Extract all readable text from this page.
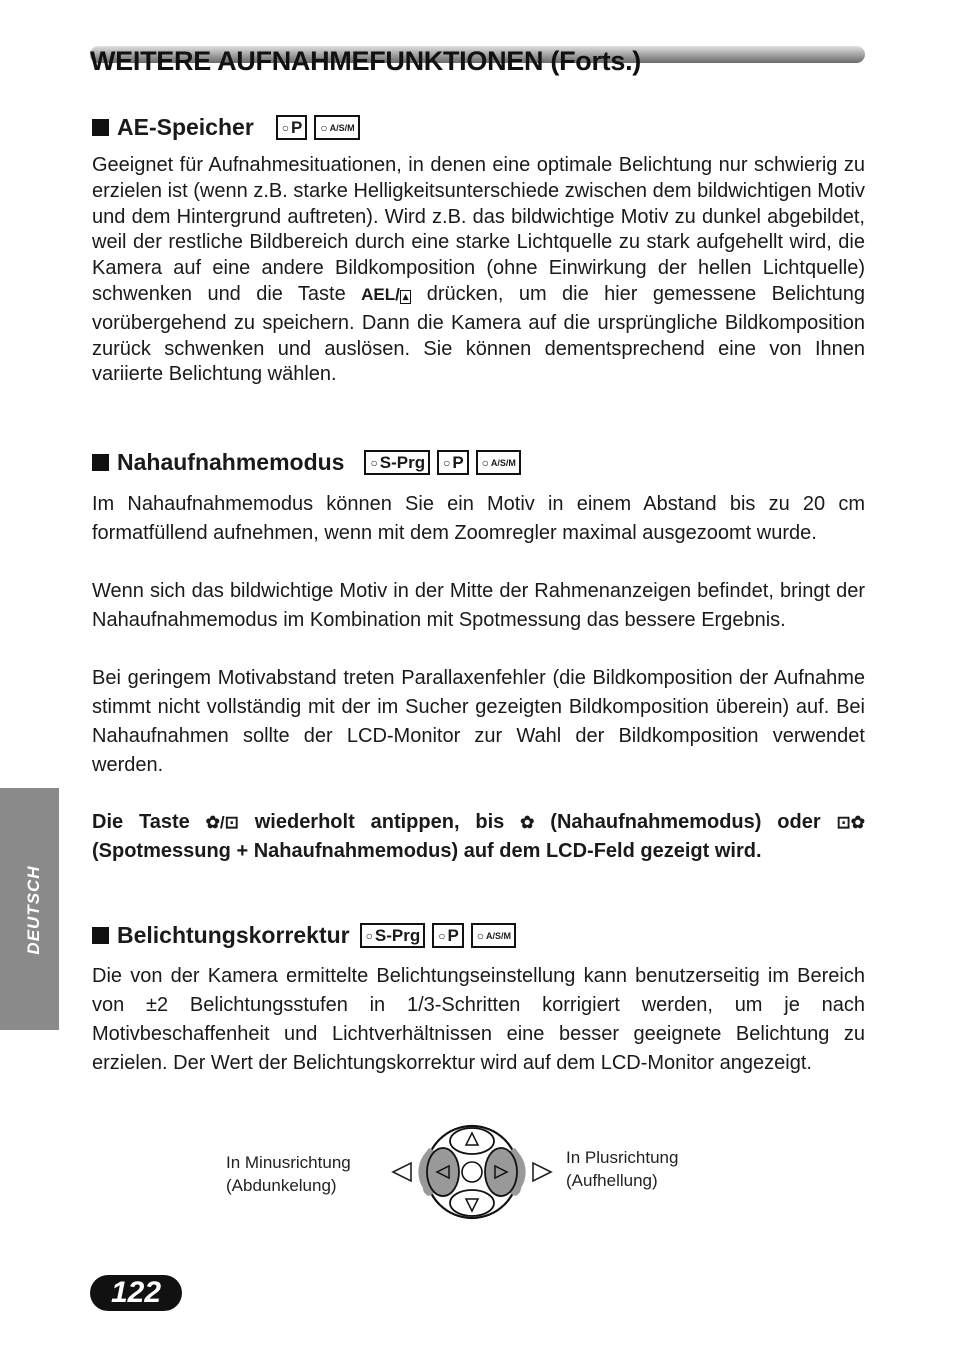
WEITERE AUFNAHMEFUNKTIONEN (Forts.)
AE-Speicher ○ P ○ A/S/M

Geeignet für Aufnahmesituationen, in denen eine optimale Belichtung nur schwierig zu erzielen ist (wenn z.B. starke Helligkeitsunterschiede zwischen dem bildwichtigen Motiv und dem Hintergrund auftreten). Wird z.B. das bildwichtige Motiv zu dunkel abgebildet, weil der restliche Bildbereich durch eine starke Lichtquelle zu stark aufgehellt wird, die Kamera auf eine andere Bildkomposition (ohne Einwirkung der hellen Lichtquelle) schwenken und die Taste AEL/ ▴ drücken, um die hier gemessene Belichtung vorübergehend zu speichern. Dann die Kamera auf die ursprüngliche Bildkomposition zurück schwenken und auslösen. Sie können dementsprechend eine von Ihnen variierte Belichtung wählen.

Nahaufnahmemodus ○ S-Prg ○ P ○ A/S/M

Im Nahaufnahmemodus können Sie ein Motiv in einem Abstand bis zu 20 cm formatfüllend aufnehmen, wenn mit dem Zoomregler maximal ausgezoomt wurde.

Wenn sich das bildwichtige Motiv in der Mitte der Rahmenanzeigen befindet, bringt der Nahaufnahmemodus im Kombination mit Spotmessung das bessere Ergebnis.

Bei geringem Motivabstand treten Parallaxenfehler (die Bildkomposition der Aufnahme stimmt nicht vollständig mit der im Sucher gezeigten Bildkomposition überein) auf. Bei Nahaufnahmen sollte der LCD-Monitor zur Wahl der Bildkomposition verwendet werden.

Die Taste ✿/⊡ wiederholt antippen, bis ✿ (Nahaufnahmemodus) oder ⊡✿ (Spotmessung + Nahaufnahmemodus) auf dem LCD-Feld gezeigt wird.

Belichtungskorrektur ○ S-Prg ○ P ○ A/S/M

Die von der Kamera ermittelte Belichtungseinstellung kann benutzerseitig im Bereich von ±2 Belichtungsstufen in 1/3-Schritten korrigiert werden, um je nach Motivbeschaffenheit und Lichtverhältnissen eine besser geeignete Belichtung zu erzielen. Der Wert der Belichtungskorrektur wird auf dem LCD-Monitor angezeigt.

In Minusrichtung
(Abdunkelung)
In Plusrichtung
(Aufhellung)
DEUTSCH
122
